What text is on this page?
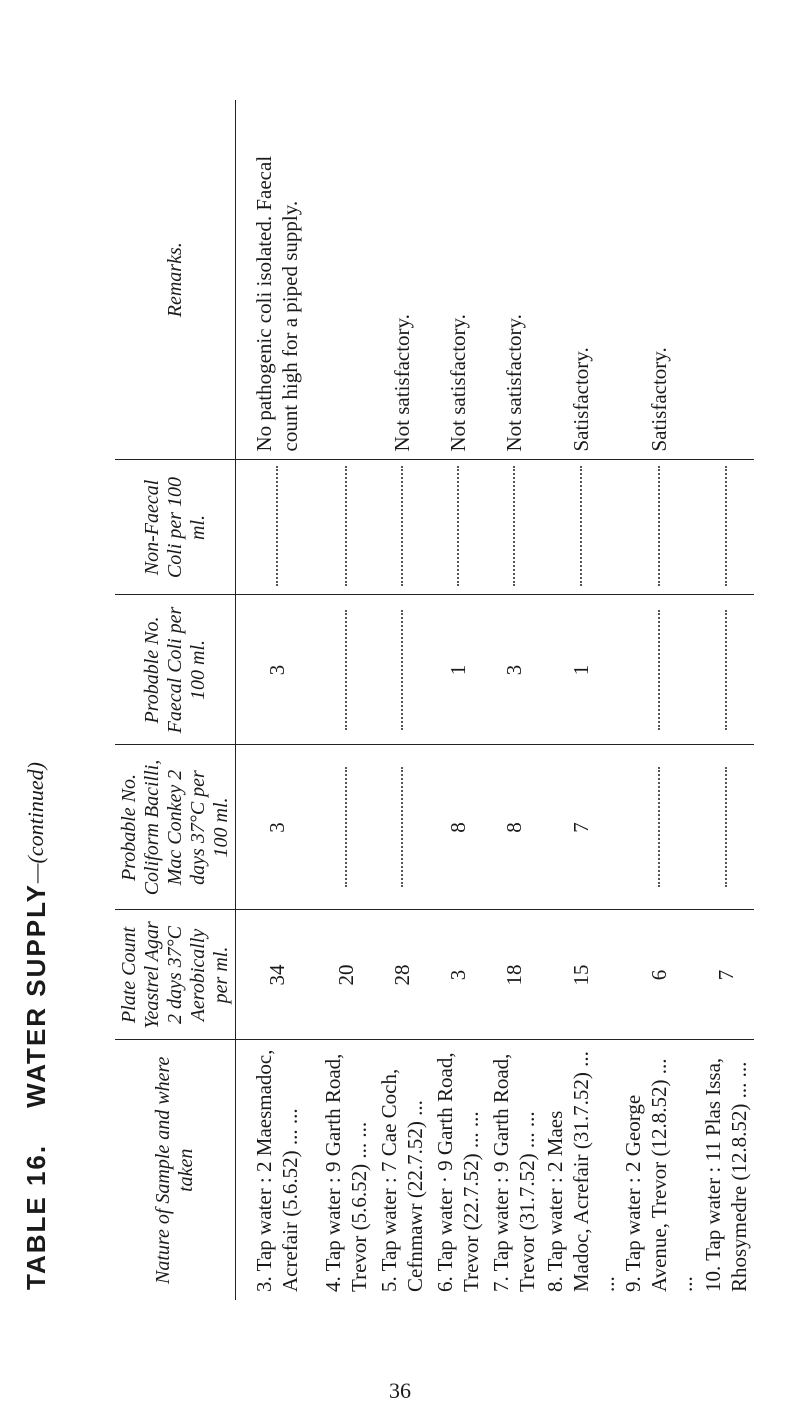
TABLE 16.
WATER SUPPLY
—(continued)
Nature of Sample and where taken	Plate Count Yeastrel Agar 2 days 37°C Aerobically per ml.	Probable No. Coliform Bacilli, Mac Conkey 2 days 37°C per 100 ml.	Probable No. Faecal Coli per 100 ml.	Non-Faecal Coli per 100 ml.	Remarks.
3. Tap water : 2 Maesmadoc, Acrefair (5.6.52) ... ...	34	3	3		No pathogenic coli isolated. Faecal count high for a piped supply.
4. Tap water : 9 Garth Road, Trevor (5.6.52) ... ...	20	

5. Tap water : 7 Cae Coch, Cefnmawr (22.7.52) ...	28				Not satisfactory.
6. Tap water · 9 Garth Road, Trevor (22.7.52) ... ...	3	8	1		Not satisfactory.
7. Tap water : 9 Garth Road, Trevor (31.7.52) ... ...	18	8	3		Not satisfactory.
8. Tap water : 2 Maes Madoc, Acrefair (31.7.52) ... ...	15	7	1		Satisfactory.
9. Tap water : 2 George Avenue, Trevor (12.8.52) ... ...	6				Satisfactory.
10. Tap water : 11 Plas Issa, Rhosymedre (12.8.52) ... ...	7	

36
